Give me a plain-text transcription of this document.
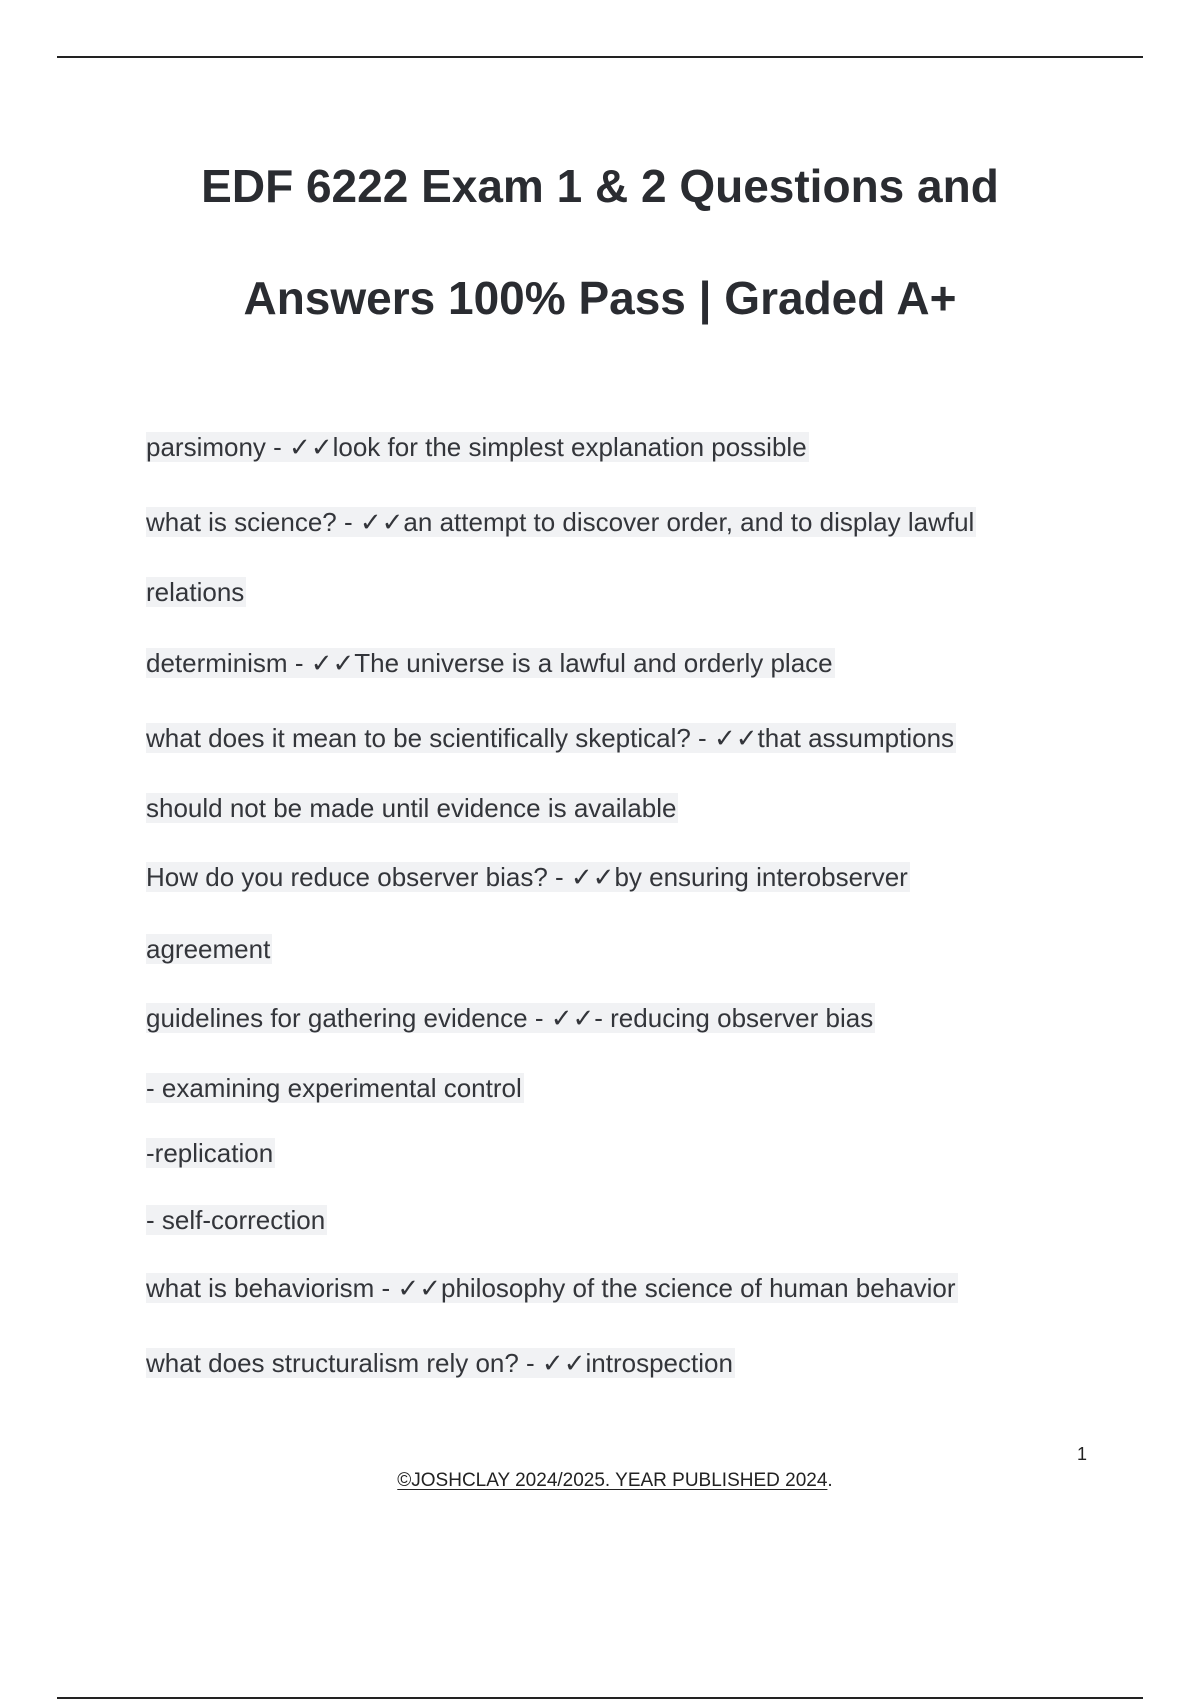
EDF 6222 Exam 1 & 2 Questions and
Answers 100% Pass | Graded A+
parsimony - ✓✓look for the simplest explanation possible
what is science? - ✓✓an attempt to discover order, and to display lawful
relations
determinism - ✓✓The universe is a lawful and orderly place
what does it mean to be scientifically skeptical? - ✓✓that assumptions
should not be made until evidence is available
How do you reduce observer bias? - ✓✓by ensuring interobserver
agreement
guidelines for gathering evidence - ✓✓- reducing observer bias
- examining experimental control
-replication
- self-correction
what is behaviorism - ✓✓philosophy of the science of human behavior
what does structuralism rely on? - ✓✓introspection
1
©JOSHCLAY 2024/2025. YEAR PUBLISHED 2024.
